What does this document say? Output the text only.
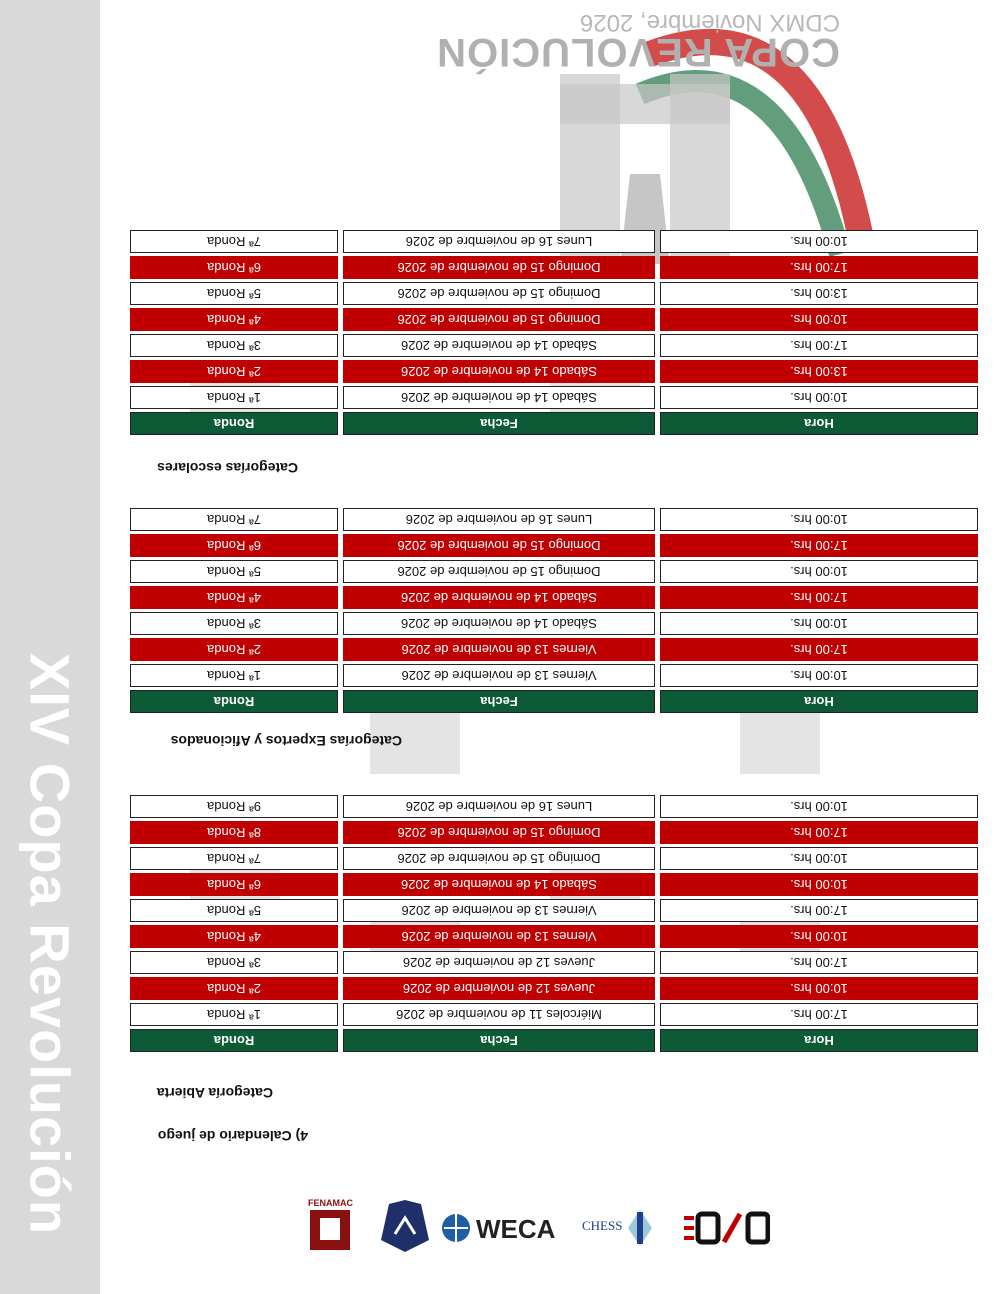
XIV Copa Revolución
COPA REVOLUCIÓN
CDMX Noviembre, 2026
4) Calendario de juego
Categoría Abierta
Categorías Expertos y Aficionados
Categorías escolares
Hora		Fecha		Ronda
17:00 hrs.		Miércoles 11 de noviembre de 2026		1ª Ronda
10:00 hrs.		Jueves 12 de noviembre de 2026		2ª Ronda
17:00 hrs.		Jueves 12 de noviembre de 2026		3ª Ronda
10:00 hrs.		Viernes 13 de noviembre de 2026		4ª Ronda
17:00 hrs.		Viernes 13 de noviembre de 2026		5ª Ronda
10:00 hrs.		Sábado 14 de noviembre de 2026		6ª Ronda
10:00 hrs.		Domingo 15 de noviembre de 2026		7ª Ronda
17:00 hrs.		Domingo 15 de noviembre de 2026		8ª Ronda
10:00 hrs.		Lunes 16 de noviembre de 2026		9ª Ronda
Hora		Fecha		Ronda
10:00 hrs.		Viernes 13 de noviembre de 2026		1ª Ronda
17:00 hrs.		Viernes 13 de noviembre de 2026		2ª Ronda
10:00 hrs.		Sábado 14 de noviembre de 2026		3ª Ronda
17:00 hrs.		Sábado 14 de noviembre de 2026		4ª Ronda
10:00 hrs.		Domingo 15 de noviembre de 2026		5ª Ronda
17:00 hrs.		Domingo 15 de noviembre de 2026		6ª Ronda
10:00 hrs.		Lunes 16 de noviembre de 2026		7ª Ronda
Hora		Fecha		Ronda
10:00 hrs.		Sábado 14 de noviembre de 2026		1ª Ronda
13:00 hrs.		Sábado 14 de noviembre de 2026		2ª Ronda
17:00 hrs.		Sábado 14 de noviembre de 2026		3ª Ronda
10:00 hrs.		Domingo 15 de noviembre de 2026		4ª Ronda
13:00 hrs.		Domingo 15 de noviembre de 2026		5ª Ronda
17:00 hrs.		Domingo 15 de noviembre de 2026		6ª Ronda
10:00 hrs.		Lunes 16 de noviembre de 2026		7ª Ronda
CHESS
WECA
FENAMAC
